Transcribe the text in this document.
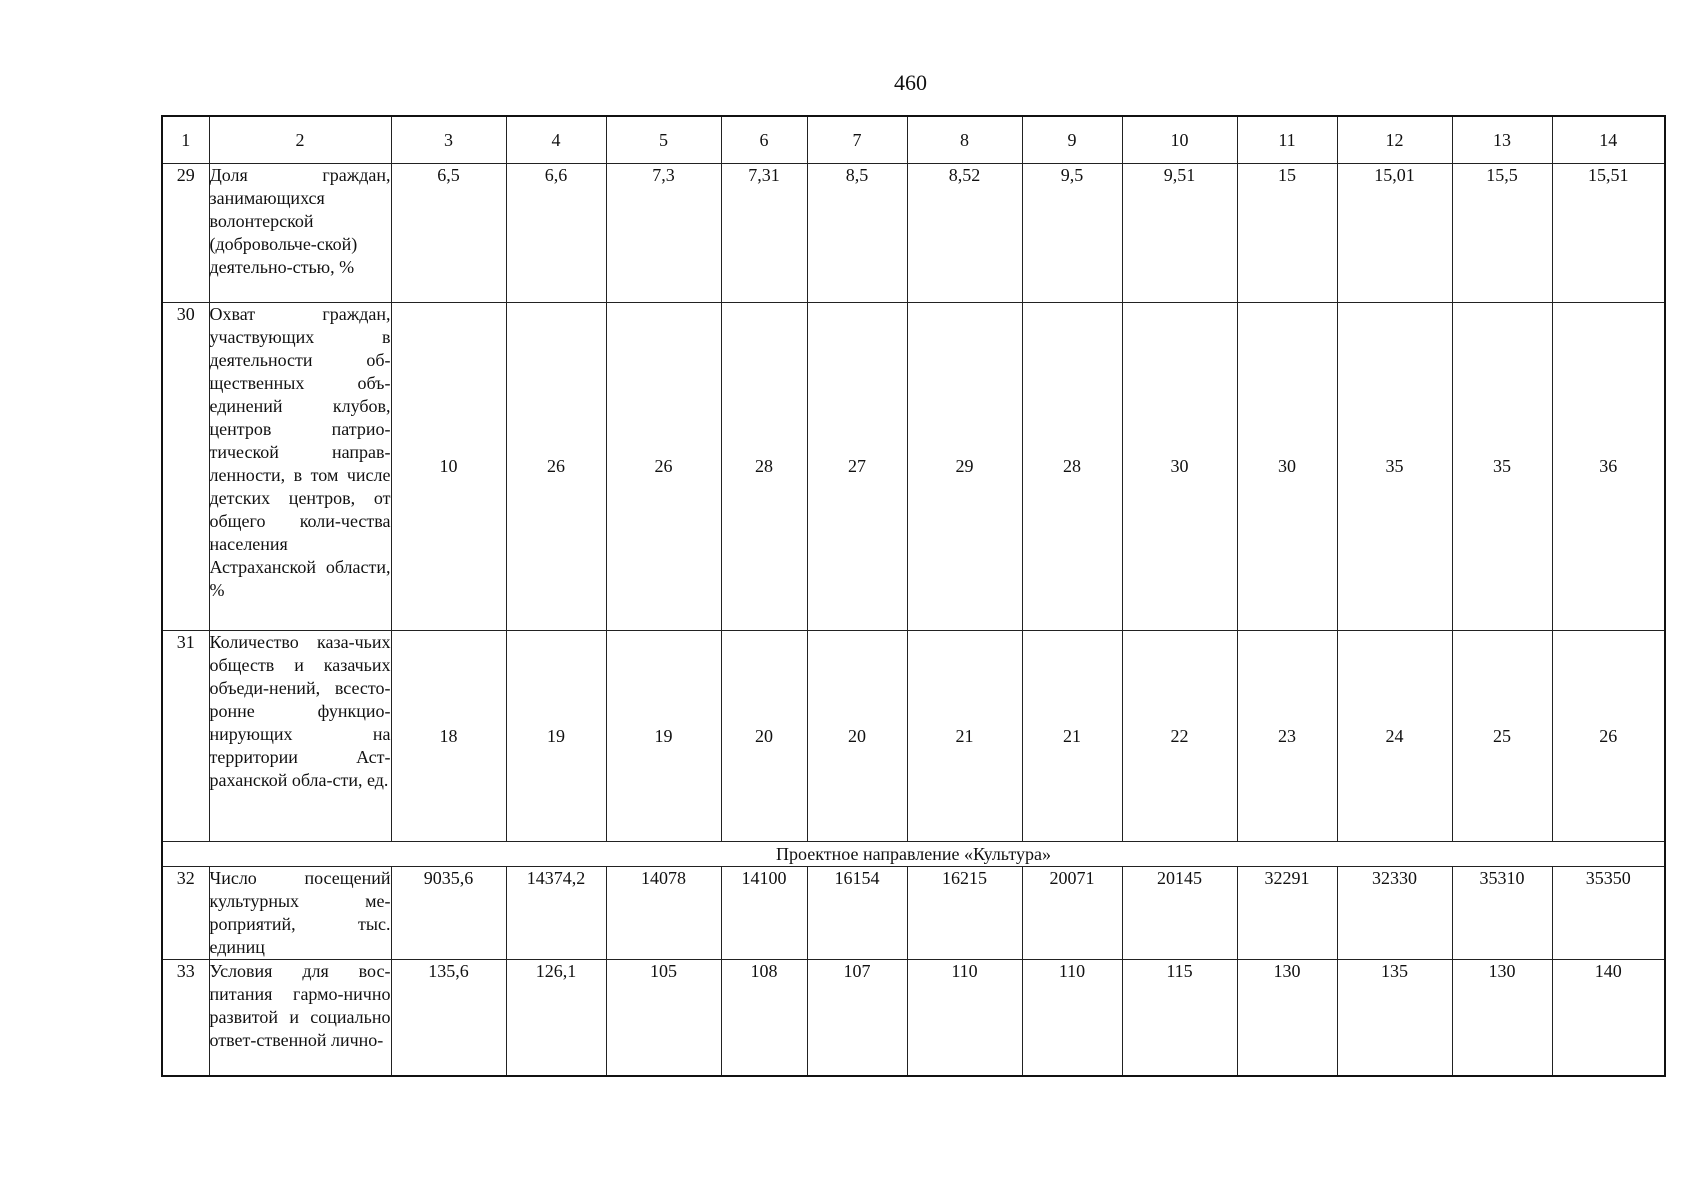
460
1	2	3	4	5	6	7	8	9	10	11	12	13	14
29	Доля граждан, занимающихся волонтерской (добровольче-ской) деятельно-стью, %	6,5	6,6	7,3	7,31	8,5	8,52	9,5	9,51	15	15,01	15,5	15,51
30	Охват граждан, участвующих в деятельности об-щественных объ-единений клубов, центров патрио-тической направ-ленности, в том числе детских центров, от общего коли-чества населения Астраханской области, %	10	26	26	28	27	29	28	30	30	35	35	36
31	Количество каза-чьих обществ и казачьих объеди-нений, всесто-ронне функцио-нирующих на территории Аст-раханской обла-сти, ед.	18	19	19	20	20	21	21	22	23	24	25	26
Проектное направление «Культура»													
32	Число посещений культурных ме-роприятий, тыс. единиц	9035,6	14374,2	14078	14100	16154	16215	20071	20145	32291	32330	35310	35350
33	Условия для вос-питания гармо-нично развитой и социально ответ-ственной лично-	135,6	126,1	105	108	107	110	110	115	130	135	130	140
